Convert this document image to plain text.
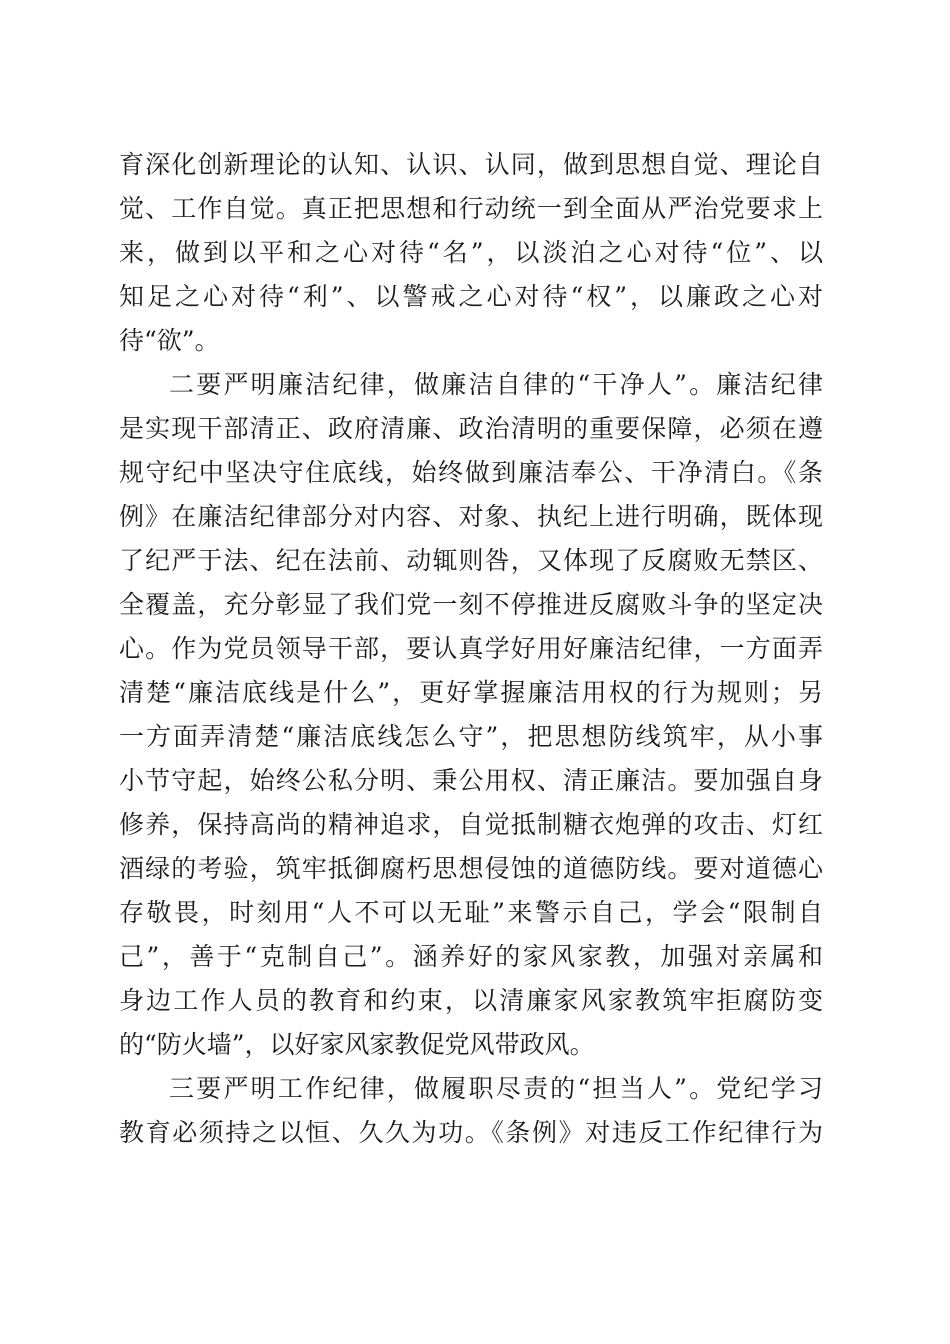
育深化创新理论的认知、认识、认同，做到思想自觉、理论自
觉、工作自觉。真正把思想和行动统一到全面从严治党要求上
来，做到以平和之心对待“名”，以淡泊之心对待“位”、以
知足之心对待“利”、以警戒之心对待“权”，以廉政之心对
待“欲”。
二要严明廉洁纪律，做廉洁自律的“干净人”。廉洁纪律
是实现干部清正、政府清廉、政治清明的重要保障，必须在遵
规守纪中坚决守住底线，始终做到廉洁奉公、干净清白。《条
例》在廉洁纪律部分对内容、对象、执纪上进行明确，既体现
了纪严于法、纪在法前、动辄则咎，又体现了反腐败无禁区、
全覆盖，充分彰显了我们党一刻不停推进反腐败斗争的坚定决
心。作为党员领导干部，要认真学好用好廉洁纪律，一方面弄
清楚“廉洁底线是什么”，更好掌握廉洁用权的行为规则；另
一方面弄清楚“廉洁底线怎么守”，把思想防线筑牢，从小事
小节守起，始终公私分明、秉公用权、清正廉洁。要加强自身
修养，保持高尚的精神追求，自觉抵制糖衣炮弹的攻击、灯红
酒绿的考验，筑牢抵御腐朽思想侵蚀的道德防线。要对道德心
存敬畏，时刻用“人不可以无耻”来警示自己，学会“限制自
己”，善于“克制自己”。涵养好的家风家教，加强对亲属和
身边工作人员的教育和约束，以清廉家风家教筑牢拒腐防变
的“防火墙”，以好家风家教促党风带政风。
三要严明工作纪律，做履职尽责的“担当人”。党纪学习
教育必须持之以恒、久久为功。《条例》对违反工作纪律行为
